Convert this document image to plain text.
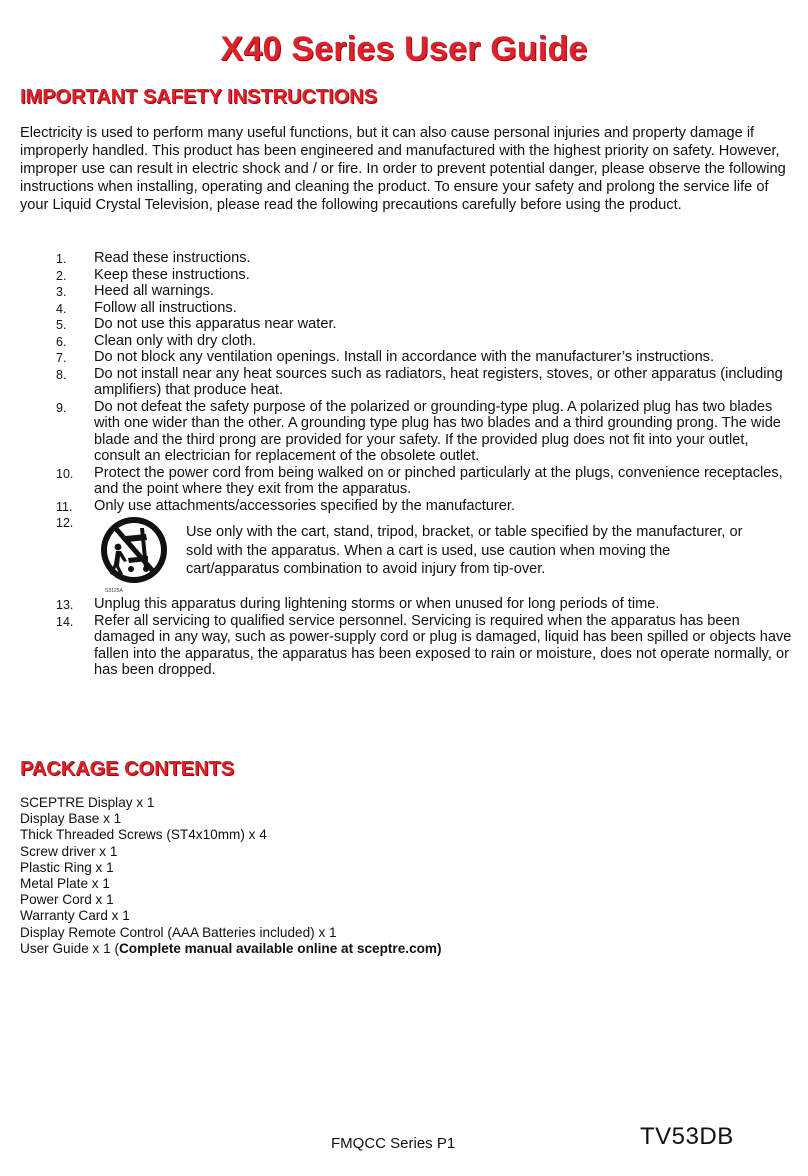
X40 Series User Guide
IMPORTANT SAFETY INSTRUCTIONS
Electricity is used to perform many useful functions, but it can also cause personal injuries and property damage if improperly handled. This product has been engineered and manufactured with the highest priority on safety. However, improper use can result in electric shock and / or fire. In order to prevent potential danger, please observe the following instructions when installing, operating and cleaning the product. To ensure your safety and prolong the service life of your Liquid Crystal Television, please read the following precautions carefully before using the product.
1. Read these instructions.
2. Keep these instructions.
3. Heed all warnings.
4. Follow all instructions.
5. Do not use this apparatus near water.
6. Clean only with dry cloth.
7. Do not block any ventilation openings. Install in accordance with the manufacturer’s instructions.
8. Do not install near any heat sources such as radiators, heat registers, stoves, or other apparatus (including amplifiers) that produce heat.
9. Do not defeat the safety purpose of the polarized or grounding-type plug. A polarized plug has two blades with one wider than the other. A grounding type plug has two blades and a third grounding prong. The wide blade and the third prong are provided for your safety. If the provided plug does not fit into your outlet, consult an electrician for replacement of the obsolete outlet.
10. Protect the power cord from being walked on or pinched particularly at the plugs, convenience receptacles, and the point where they exit from the apparatus.
11. Only use attachments/accessories specified by the manufacturer.
12.
S3125A
Use only with the cart, stand, tripod, bracket, or table specified by the manufacturer, or sold with the apparatus. When a cart is used, use caution when moving the cart/apparatus combination to avoid injury from tip-over.
13. Unplug this apparatus during lightening storms or when unused for long periods of time.
14. Refer all servicing to qualified service personnel. Servicing is required when the apparatus has been damaged in any way, such as power-supply cord or plug is damaged, liquid has been spilled or objects have fallen into the apparatus, the apparatus has been exposed to rain or moisture, does not operate normally, or has been dropped.
PACKAGE CONTENTS
SCEPTRE Display x 1
Display Base x 1
Thick Threaded Screws (ST4x10mm) x 4
Screw driver x 1
Plastic Ring x 1
Metal Plate x 1
Power Cord x 1
Warranty Card x 1
Display Remote Control (AAA Batteries included) x 1
User Guide x 1 (Complete manual available online at sceptre.com)
FMQCC Series P1	TV53DB
